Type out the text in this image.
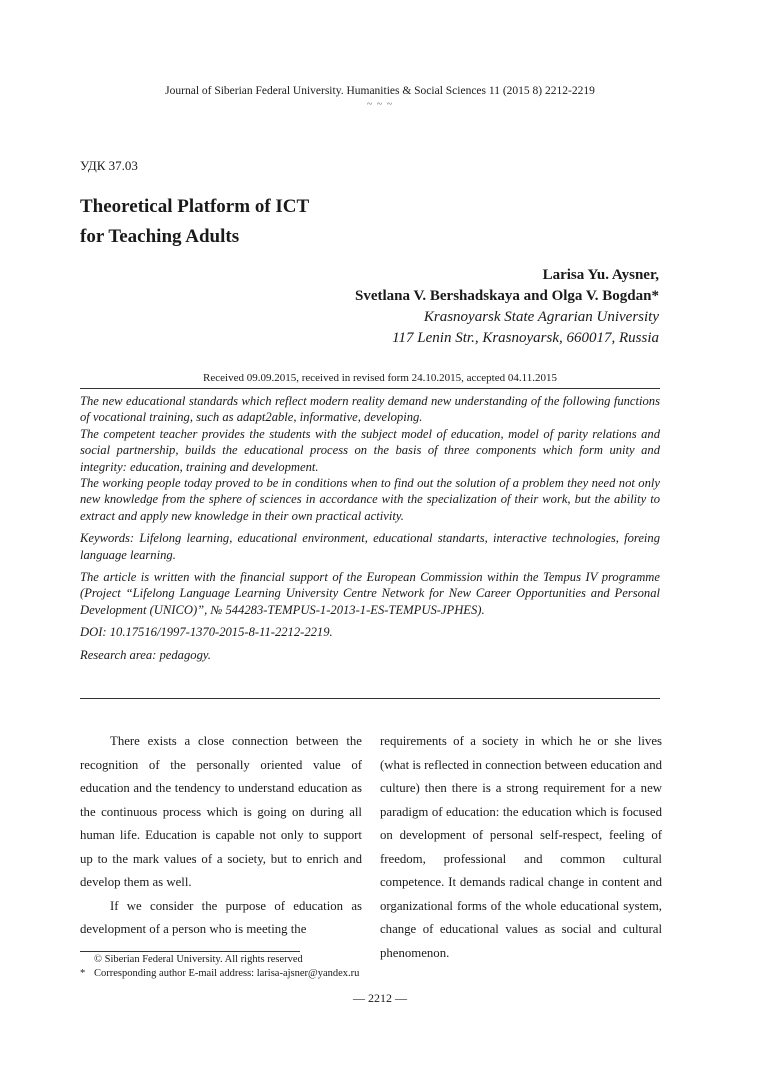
Journal of Siberian Federal University. Humanities & Social Sciences 11 (2015 8) 2212-2219
~ ~ ~
УДК 37.03
Theoretical Platform of ICT
for Teaching Adults
Larisa Yu. Aysner,
Svetlana V. Bershadskaya and Olga V. Bogdan*
Krasnoyarsk State Agrarian University
117 Lenin Str., Krasnoyarsk, 660017, Russia
Received 09.09.2015, received in revised form 24.10.2015, accepted 04.11.2015

The new educational standards which reflect modern reality demand new understanding of the following functions of vocational training, such as adapt2able, informative, developing.

The competent teacher provides the students with the subject model of education, model of parity relations and social partnership, builds the educational process on the basis of three components which form unity and integrity: education, training and development.

The working people today proved to be in conditions when to find out the solution of a problem they need not only new knowledge from the sphere of sciences in accordance with the specialization of their work, but the ability to extract and apply new knowledge in their own practical activity.

Keywords: Lifelong learning, educational environment, educational standarts, interactive technologies, foreing language learning.

The article is written with the financial support of the European Commission within the Tempus IV programme (Project “Lifelong Language Learning University Centre Network for New Career Opportunities and Personal Development (UNICO)”, № 544283-TEMPUS-1-2013-1-ES-TEMPUS-JPHES).

DOI: 10.17516/1997-1370-2015-8-11-2212-2219.

Research area: pedagogy.

There exists a close connection between the recognition of the personally oriented value of education and the tendency to understand education as the continuous process which is going on during all human life. Education is capable not only to support up to the mark values of a society, but to enrich and develop them as well.

If we consider the purpose of education as development of a person who is meeting the

requirements of a society in which he or she lives (what is reflected in connection between education and culture) then there is a strong requirement for a new paradigm of education: the education which is focused on development of personal self-respect, feeling of freedom, professional and common cultural competence. It demands radical change in content and organizational forms of the whole educational system, change of educational values as social and cultural phenomenon.

© Siberian Federal University. All rights reserved
* Corresponding author E-mail address: larisa-ajsner@yandex.ru
— 2212 —
